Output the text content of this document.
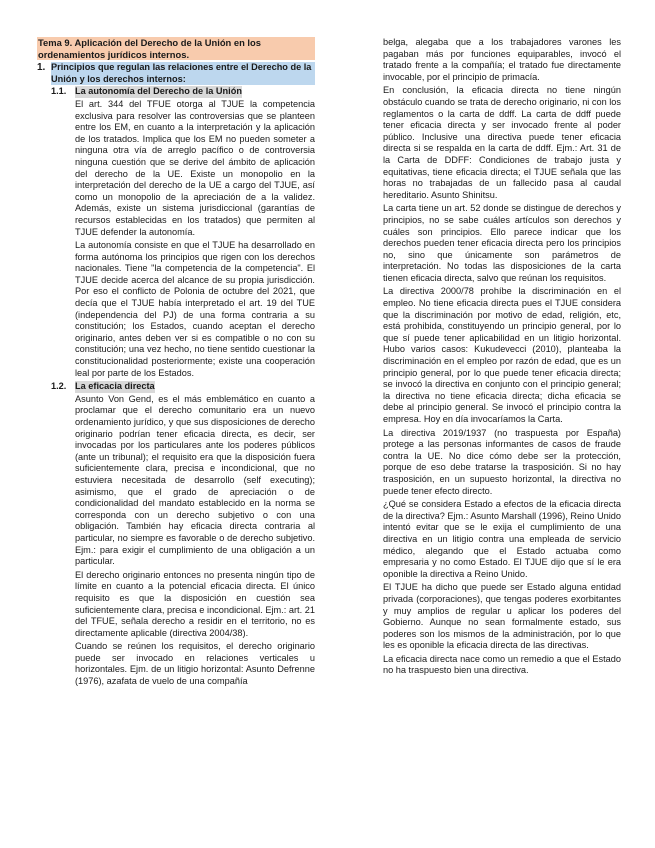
Tema 9. Aplicación del Derecho de la Unión en los ordenamientos jurídicos internos.
1. Principios que regulan las relaciones entre el Derecho de la Unión y los derechos internos:
1.1. La autonomía del Derecho de la Unión

El art. 344 del TFUE otorga al TJUE la competencia exclusiva para resolver las controversias que se planteen entre los EM, en cuanto a la interpretación y la aplicación de los tratados. Implica que los EM no pueden someter a ninguna otra vía de arreglo pacífico o de controversia ninguna cuestión que se derive del ámbito de aplicación del derecho de la UE. Existe un monopolio en la interpretación del derecho de la UE a cargo del TJUE, así como un monopolio de la apreciación de a la validez. Además, existe un sistema jurisdiccional (garantías de recursos establecidas en los tratados) que permiten al TJUE defender la autonomía.

La autonomía consiste en que el TJUE ha desarrollado en forma autónoma los principios que rigen con los derechos nacionales. Tiene "la competencia de la competencia". El TJUE decide acerca del alcance de su propia jurisdicción. Por eso el conflicto de Polonia de octubre del 2021, que decía que el TJUE había interpretado el art. 19 del TUE (independencia del PJ) de una forma contraria a su constitución; los Estados, cuando aceptan el derecho originario, antes deben ver si es compatible o no con su constitución; una vez hecho, no tiene sentido cuestionar la constitucionalidad posteriormente; existe una cooperación leal por parte de los Estados.

1.2. La eficacia directa

Asunto Von Gend, es el más emblemático en cuanto a proclamar que el derecho comunitario era un nuevo ordenamiento jurídico, y que sus disposiciones de derecho originario podrían tener eficacia directa, es decir, ser invocadas por los particulares ante los poderes públicos (ante un tribunal); el requisito era que la disposición fuera suficientemente clara, precisa e incondicional, que no estuviera necesitada de desarrollo (self executing); asimismo, que el grado de apreciación o de condicionalidad del mandato establecido en la norma se corresponda con un derecho subjetivo o con una obligación. También hay eficacia directa contraria al particular, no siempre es favorable o de derecho subjetivo. Ejm.: para exigir el cumplimiento de una obligación a un particular.

El derecho originario entonces no presenta ningún tipo de límite en cuanto a la potencial eficacia directa. El único requisito es que la disposición en cuestión sea suficientemente clara, precisa e incondicional. Ejm.: art. 21 del TFUE, señala derecho a residir en el territorio, no es directamente aplicable (directiva 2004/38).

Cuando se reúnen los requisitos, el derecho originario puede ser invocado en relaciones verticales u horizontales. Ejm. de un litigio horizontal: Asunto Defrenne (1976), azafata de vuelo de una compañía

belga, alegaba que a los trabajadores varones les pagaban más por funciones equiparables, invocó el tratado frente a la compañía; el tratado fue directamente invocable, por el principio de primacía.

En conclusión, la eficacia directa no tiene ningún obstáculo cuando se trata de derecho originario, ni con los reglamentos o la carta de ddff. La carta de ddff puede tener eficacia directa y ser invocado frente al poder público. Inclusive una directiva puede tener eficacia directa si se respalda en la carta de ddff. Ejm.: Art. 31 de la Carta de DDFF: Condiciones de trabajo justa y equitativas, tiene eficacia directa; el TJUE señala que las horas no trabajadas de un fallecido pasa al caudal hereditario. Asunto Shinitsu.

La carta tiene un art. 52 donde se distingue de derechos y principios, no se sabe cuáles artículos son derechos y cuáles son principios. Ello parece indicar que los derechos pueden tener eficacia directa pero los principios no, sino que únicamente son parámetros de interpretación. No todas las disposiciones de la carta tienen eficacia directa, salvo que reúnan los requisitos.

La directiva 2000/78 prohíbe la discriminación en el empleo. No tiene eficacia directa pues el TJUE considera que la discriminación por motivo de edad, religión, etc, está prohibida, constituyendo un principio general, por lo que sí puede tener aplicabilidad en un litigio horizontal. Hubo varios casos: Kukudevecci (2010), planteaba la discriminación en el empleo por razón de edad, que es un principio general, por lo que puede tener eficacia directa; se invocó la directiva en conjunto con el principio general; la directiva no tiene eficacia directa; dicha eficacia se debe al principio general. Se invocó el principio contra la empresa. Hoy en día invocaríamos la Carta.

La directiva 2019/1937 (no traspuesta por España) protege a las personas informantes de casos de fraude contra la UE. No dice cómo debe ser la protección, porque de eso debe tratarse la trasposición. Si no hay trasposición, en un supuesto horizontal, la directiva no puede tener efecto directo.

¿Qué se considera Estado a efectos de la eficacia directa de la directiva? Ejm.: Asunto Marshall (1996), Reino Unido intentó evitar que se le exija el cumplimiento de una directiva en un litigio contra una empleada de servicio médico, alegando que el Estado actuaba como empresaria y no como Estado. El TJUE dijo que sí le era oponible la directiva a Reino Unido.

El TJUE ha dicho que puede ser Estado alguna entidad privada (corporaciones), que tengas poderes exorbitantes y muy amplios de regular u aplicar los poderes del Gobierno. Aunque no sean formalmente estado, sus poderes son los mismos de la administración, por lo que les es oponible la eficacia directa de las directivas.

La eficacia directa nace como un remedio a que el Estado no ha traspuesto bien una directiva.
